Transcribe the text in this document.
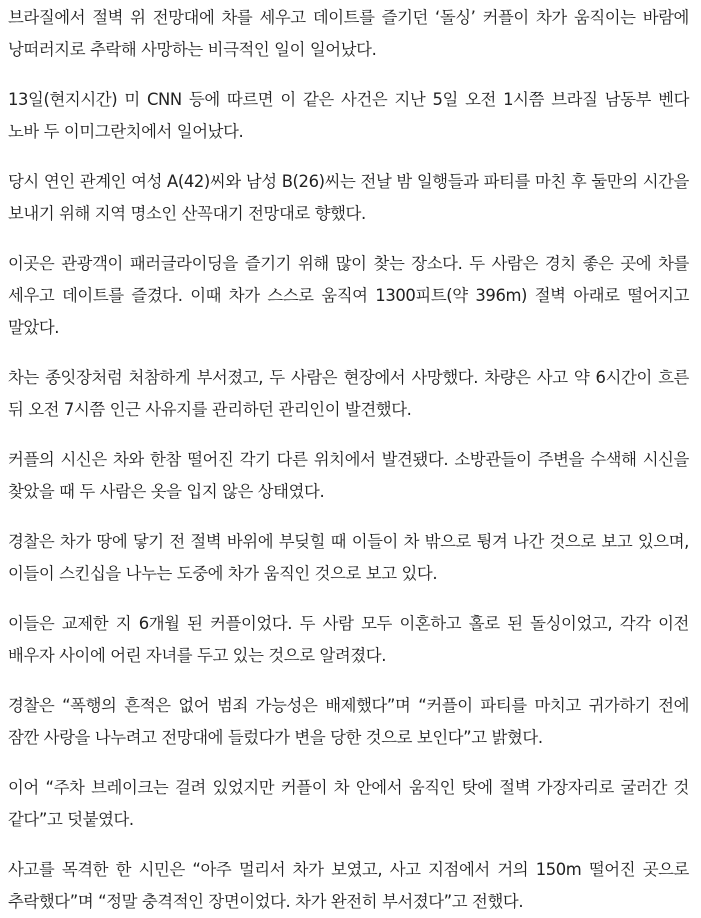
브라질에서 절벽 위 전망대에 차를 세우고 데이트를 즐기던 ‘돌싱’ 커플이 차가 움직이는 바람에 낭떠러지로 추락해 사망하는 비극적인 일이 일어났다.

13일(현지시간) 미 CNN 등에 따르면 이 같은 사건은 지난 5일 오전 1시쯤 브라질 남동부 벤다 노바 두 이미그란치에서 일어났다.

당시 연인 관계인 여성 A(42)씨와 남성 B(26)씨는 전날 밤 일행들과 파티를 마친 후 둘만의 시간을 보내기 위해 지역 명소인 산꼭대기 전망대로 향했다.

이곳은 관광객이 패러글라이딩을 즐기기 위해 많이 찾는 장소다. 두 사람은 경치 좋은 곳에 차를 세우고 데이트를 즐겼다. 이때 차가 스스로 움직여 1300피트(약 396m) 절벽 아래로 떨어지고 말았다.

차는 종잇장처럼 처참하게 부서졌고, 두 사람은 현장에서 사망했다. 차량은 사고 약 6시간이 흐른 뒤 오전 7시쯤 인근 사유지를 관리하던 관리인이 발견했다.

커플의 시신은 차와 한참 떨어진 각기 다른 위치에서 발견됐다. 소방관들이 주변을 수색해 시신을 찾았을 때 두 사람은 옷을 입지 않은 상태였다.

경찰은 차가 땅에 닿기 전 절벽 바위에 부딪힐 때 이들이 차 밖으로 튕겨 나간 것으로 보고 있으며, 이들이 스킨십을 나누는 도중에 차가 움직인 것으로 보고 있다.

이들은 교제한 지 6개월 된 커플이었다. 두 사람 모두 이혼하고 홀로 된 돌싱이었고, 각각 이전 배우자 사이에 어린 자녀를 두고 있는 것으로 알려졌다.

경찰은 “폭행의 흔적은 없어 범죄 가능성은 배제했다”며 “커플이 파티를 마치고 귀가하기 전에 잠깐 사랑을 나누려고 전망대에 들렀다가 변을 당한 것으로 보인다”고 밝혔다.

이어 “주차 브레이크는 걸려 있었지만 커플이 차 안에서 움직인 탓에 절벽 가장자리로 굴러간 것 같다”고 덧붙였다.

사고를 목격한 한 시민은 “아주 멀리서 차가 보였고, 사고 지점에서 거의 150m 떨어진 곳으로 추락했다”며 “정말 충격적인 장면이었다. 차가 완전히 부서졌다”고 전했다.
